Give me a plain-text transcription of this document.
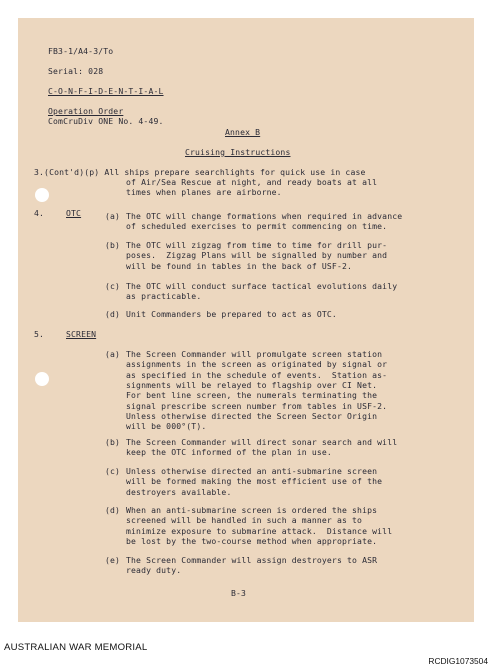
FB3-1/A4-3/To
Serial: 028
C-O-N-F-I-D-E-N-T-I-A-L
Operation Order
ComCruDiv ONE No. 4-49.
Annex B
Cruising Instructions
3.(Cont'd)(p) All ships prepare searchlights for quick use in case
of Air/Sea Rescue at night, and ready boats at all
times when planes are airborne.
4.	OTC	(a) The OTC will change formations when required in advance
of scheduled exercises to permit commencing on time.
(b) The OTC will zigzag from time to time for drill pur-
poses.  Zigzag Plans will be signalled by number and
will be found in tables in the back of USF-2.
(c) The OTC will conduct surface tactical evolutions daily
as practicable.
(d) Unit Commanders be prepared to act as OTC.
5.	SCREEN
(a) The Screen Commander will promulgate screen station
assignments in the screen as originated by signal or
as specified in the schedule of events.  Station as-
signments will be relayed to flagship over CI Net.
For bent line screen, the numerals terminating the
signal prescribe screen number from tables in USF-2.
Unless otherwise directed the Screen Sector Origin
will be 000°(T).
(b) The Screen Commander will direct sonar search and will
keep the OTC informed of the plan in use.
(c) Unless otherwise directed an anti-submarine screen
will be formed making the most efficient use of the
destroyers available.
(d) When an anti-submarine screen is ordered the ships
screened will be handled in such a manner as to
minimize exposure to submarine attack.  Distance will
be lost by the two-course method when appropriate.
(e) The Screen Commander will assign destroyers to ASR
ready duty.
B-3
AUSTRALIAN WAR MEMORIAL
RCDIG1073504
